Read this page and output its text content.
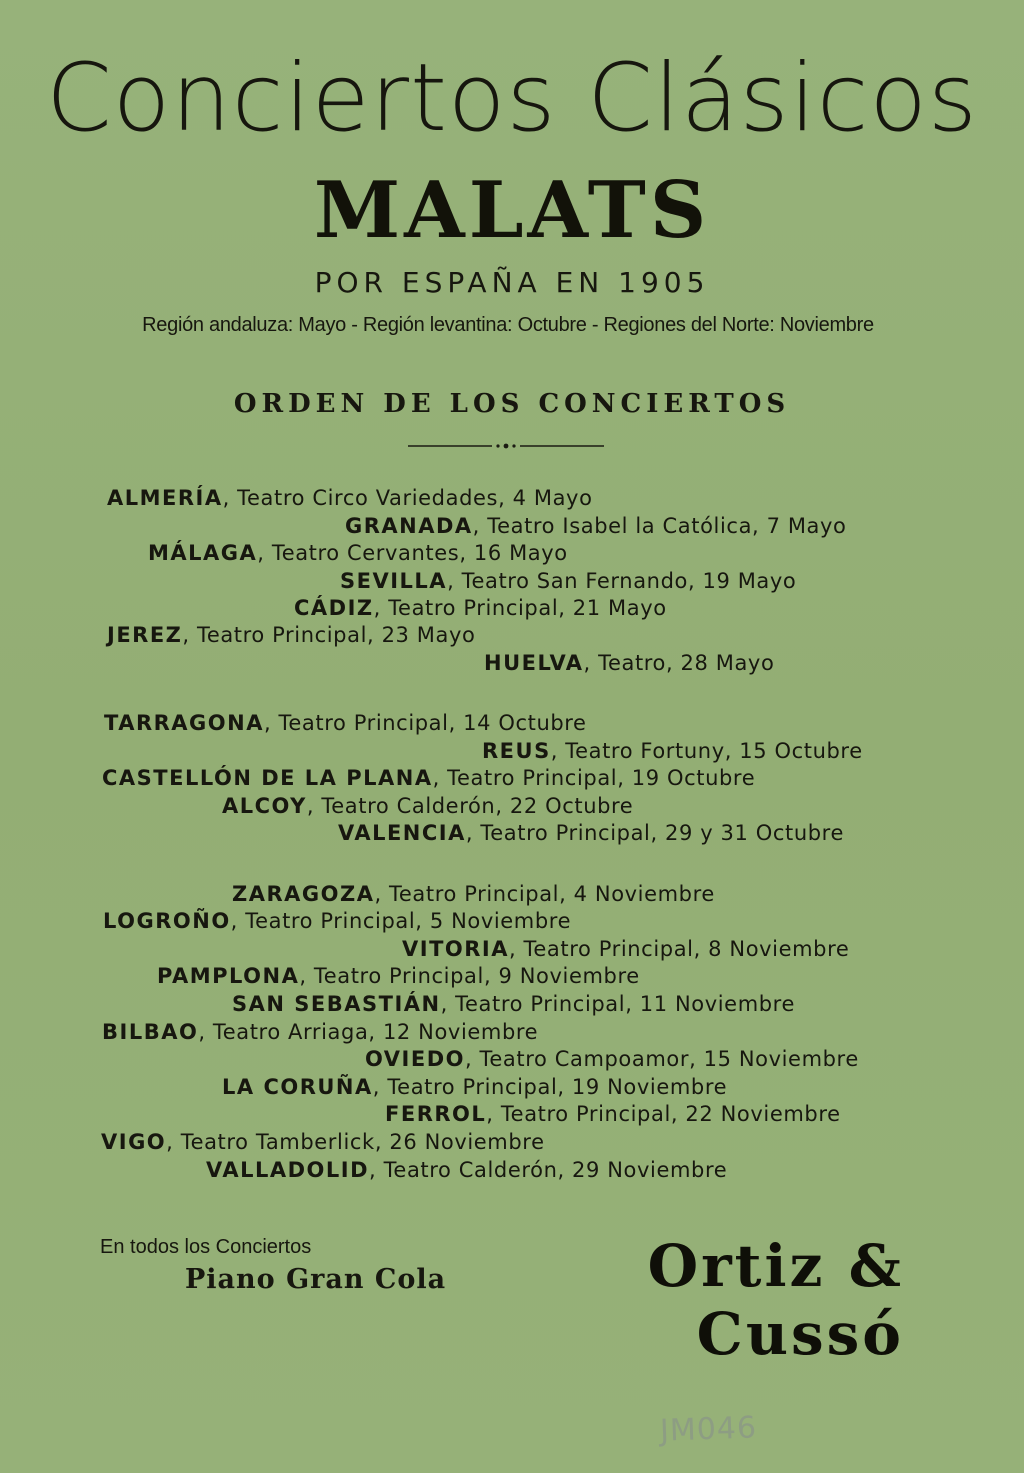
Conciertos Clásicos
MALATS
POR ESPAÑA EN 1905
Región andaluza: Mayo - Región levantina: Octubre - Regiones del Norte: Noviembre
ORDEN DE LOS CONCIERTOS
ALMERÍA, Teatro Circo Variedades, 4 Mayo
GRANADA, Teatro Isabel la Católica, 7 Mayo
MÁLAGA, Teatro Cervantes, 16 Mayo
SEVILLA, Teatro San Fernando, 19 Mayo
CÁDIZ, Teatro Principal, 21 Mayo
JEREZ, Teatro Principal, 23 Mayo
HUELVA, Teatro, 28 Mayo
TARRAGONA, Teatro Principal, 14 Octubre
REUS, Teatro Fortuny, 15 Octubre
CASTELLÓN DE LA PLANA, Teatro Principal, 19 Octubre
ALCOY, Teatro Calderón, 22 Octubre
VALENCIA, Teatro Principal, 29 y 31 Octubre
ZARAGOZA, Teatro Principal, 4 Noviembre
LOGROÑO, Teatro Principal, 5 Noviembre
VITORIA, Teatro Principal, 8 Noviembre
PAMPLONA, Teatro Principal, 9 Noviembre
SAN SEBASTIÁN, Teatro Principal, 11 Noviembre
BILBAO, Teatro Arriaga, 12 Noviembre
OVIEDO, Teatro Campoamor, 15 Noviembre
LA CORUÑA, Teatro Principal, 19 Noviembre
FERROL, Teatro Principal, 22 Noviembre
VIGO, Teatro Tamberlick, 26 Noviembre
VALLADOLID, Teatro Calderón, 29 Noviembre
En todos los Conciertos
Piano Gran Cola	Ortiz & Cussó
JM046
